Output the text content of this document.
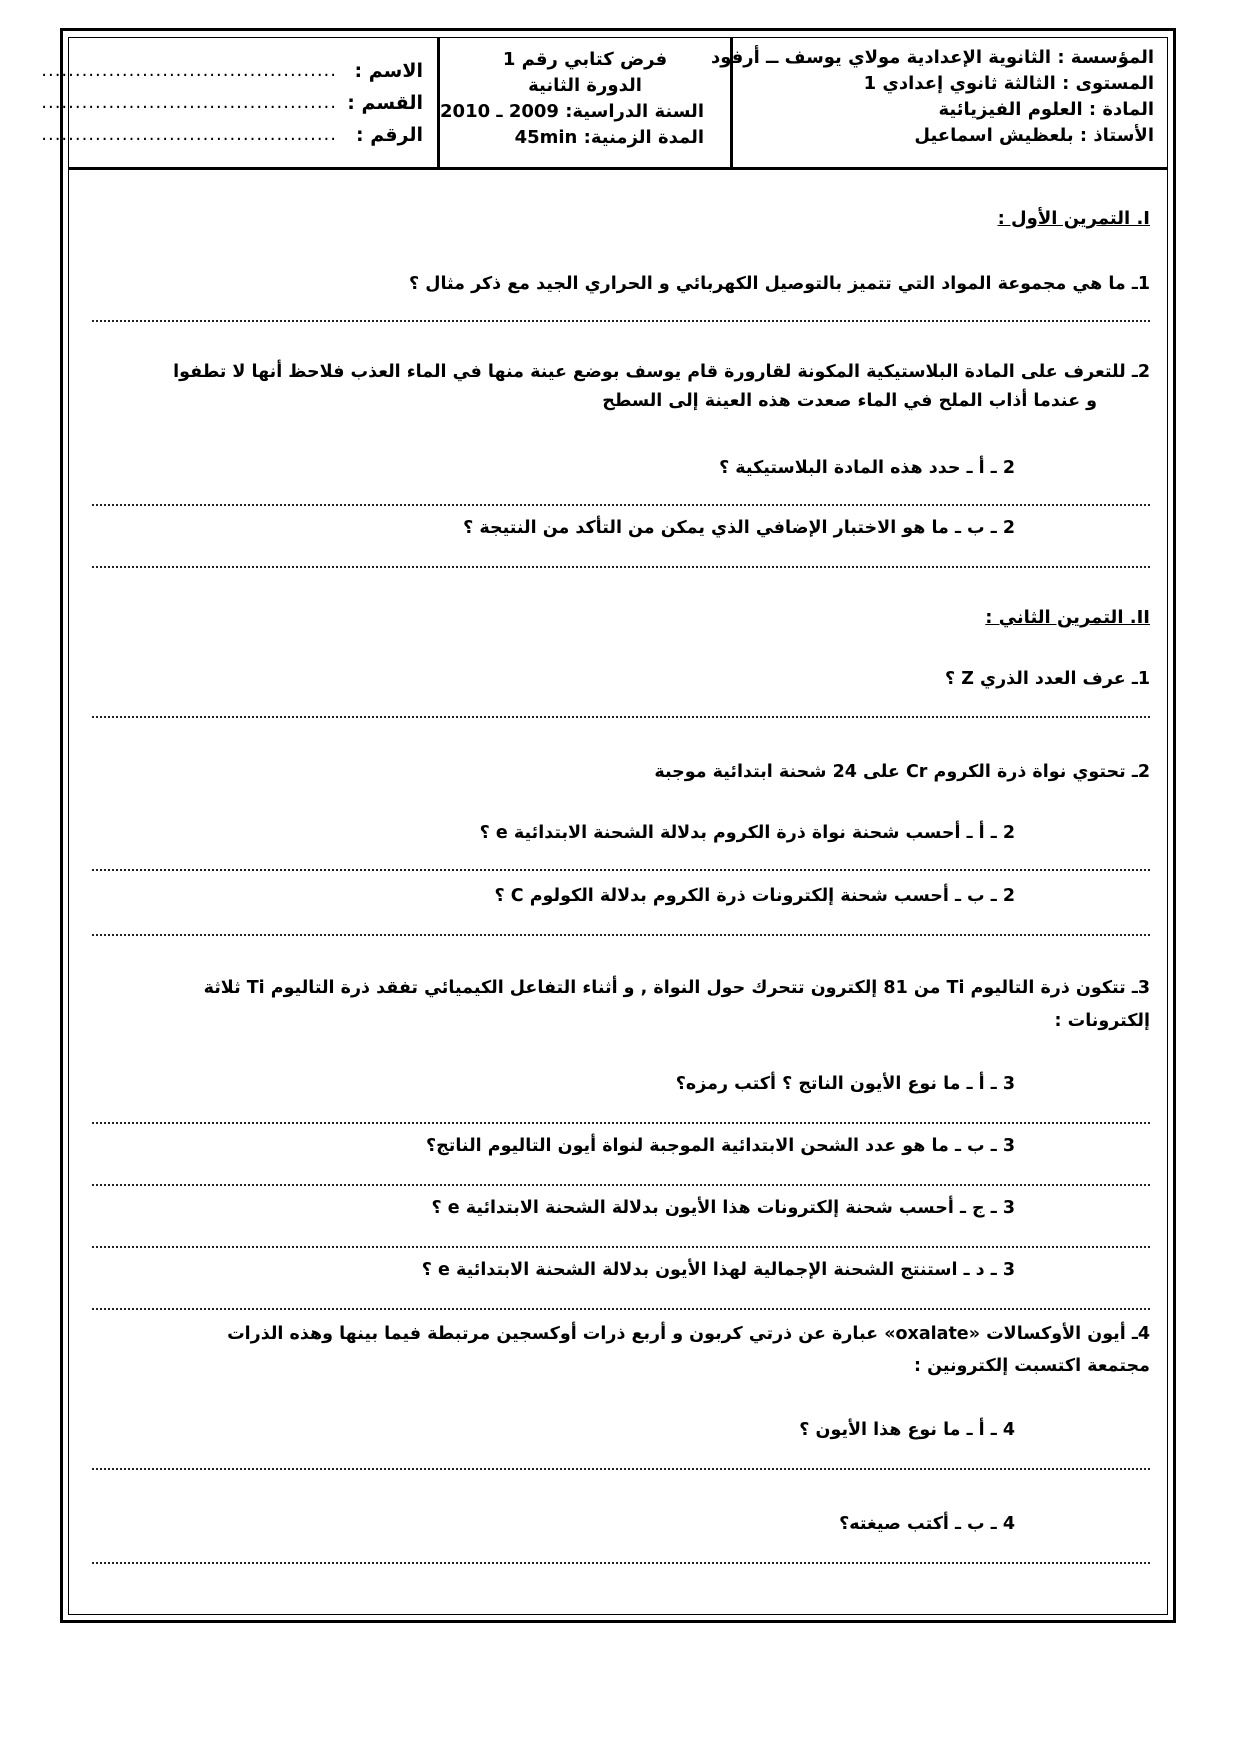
المؤسسة : الثانوية الإعدادية مولاي يوسف ــ أرفود
المستوى : الثالثة ثانوي إعدادي 1
المادة : العلوم الفيزيائية
الأستاذ : بلعظيش اسماعيل
فرض كتابي رقم 1
الدورة الثانية
السنة الدراسية: 2009 ـ 2010
المدة الزمنية: 45min
الاسم :
............................................
القسم :
............................................
الرقم :
............................................
I. التمرين الأول :
1ـ ما هي مجموعة المواد التي تتميز بالتوصيل الكهربائي و الحراري الجيد مع ذكر مثال ؟
2ـ للتعرف على المادة البلاستيكية المكونة لقارورة قام يوسف بوضع عينة منها في الماء العذب فلاحظ أنها لا تطفوا
و عندما أذاب الملح في الماء صعدت هذه العينة إلى السطح
2 ـ أ ـ حدد هذه المادة البلاستيكية ؟
2 ـ ب ـ ما هو الاختبار الإضافي الذي يمكن من التأكد من النتيجة ؟
II. التمرين الثاني :
1ـ عرف العدد الذري Z ؟
2ـ تحتوي نواة ذرة الكروم Cr على 24 شحنة ابتدائية موجبة
2 ـ أ ـ أحسب شحنة نواة ذرة الكروم بدلالة الشحنة الابتدائية e ؟
2 ـ ب ـ أحسب شحنة إلكترونات ذرة الكروم بدلالة الكولوم C ؟
3ـ تتكون ذرة التاليوم Ti من 81 إلكترون تتحرك حول النواة , و أثناء التفاعل الكيميائي تفقد ذرة التاليوم Ti ثلاثة
إلكترونات :
3 ـ أ ـ ما نوع الأيون الناتج ؟ أكتب رمزه؟
3 ـ ب ـ ما هو عدد الشحن الابتدائية الموجبة لنواة أيون التاليوم الناتج؟
3 ـ ج ـ أحسب شحنة إلكترونات هذا الأيون بدلالة الشحنة الابتدائية e ؟
3 ـ د ـ استنتج الشحنة الإجمالية لهذا الأيون بدلالة الشحنة الابتدائية e ؟
4ـ أيون الأوكسالات «oxalate» عبارة عن ذرتي كربون و أربع ذرات أوكسجين مرتبطة فيما بينها وهذه الذرات
مجتمعة اكتسبت إلكترونين :
4 ـ أ ـ ما نوع هذا الأيون ؟
4 ـ ب ـ أكتب صيغته؟
